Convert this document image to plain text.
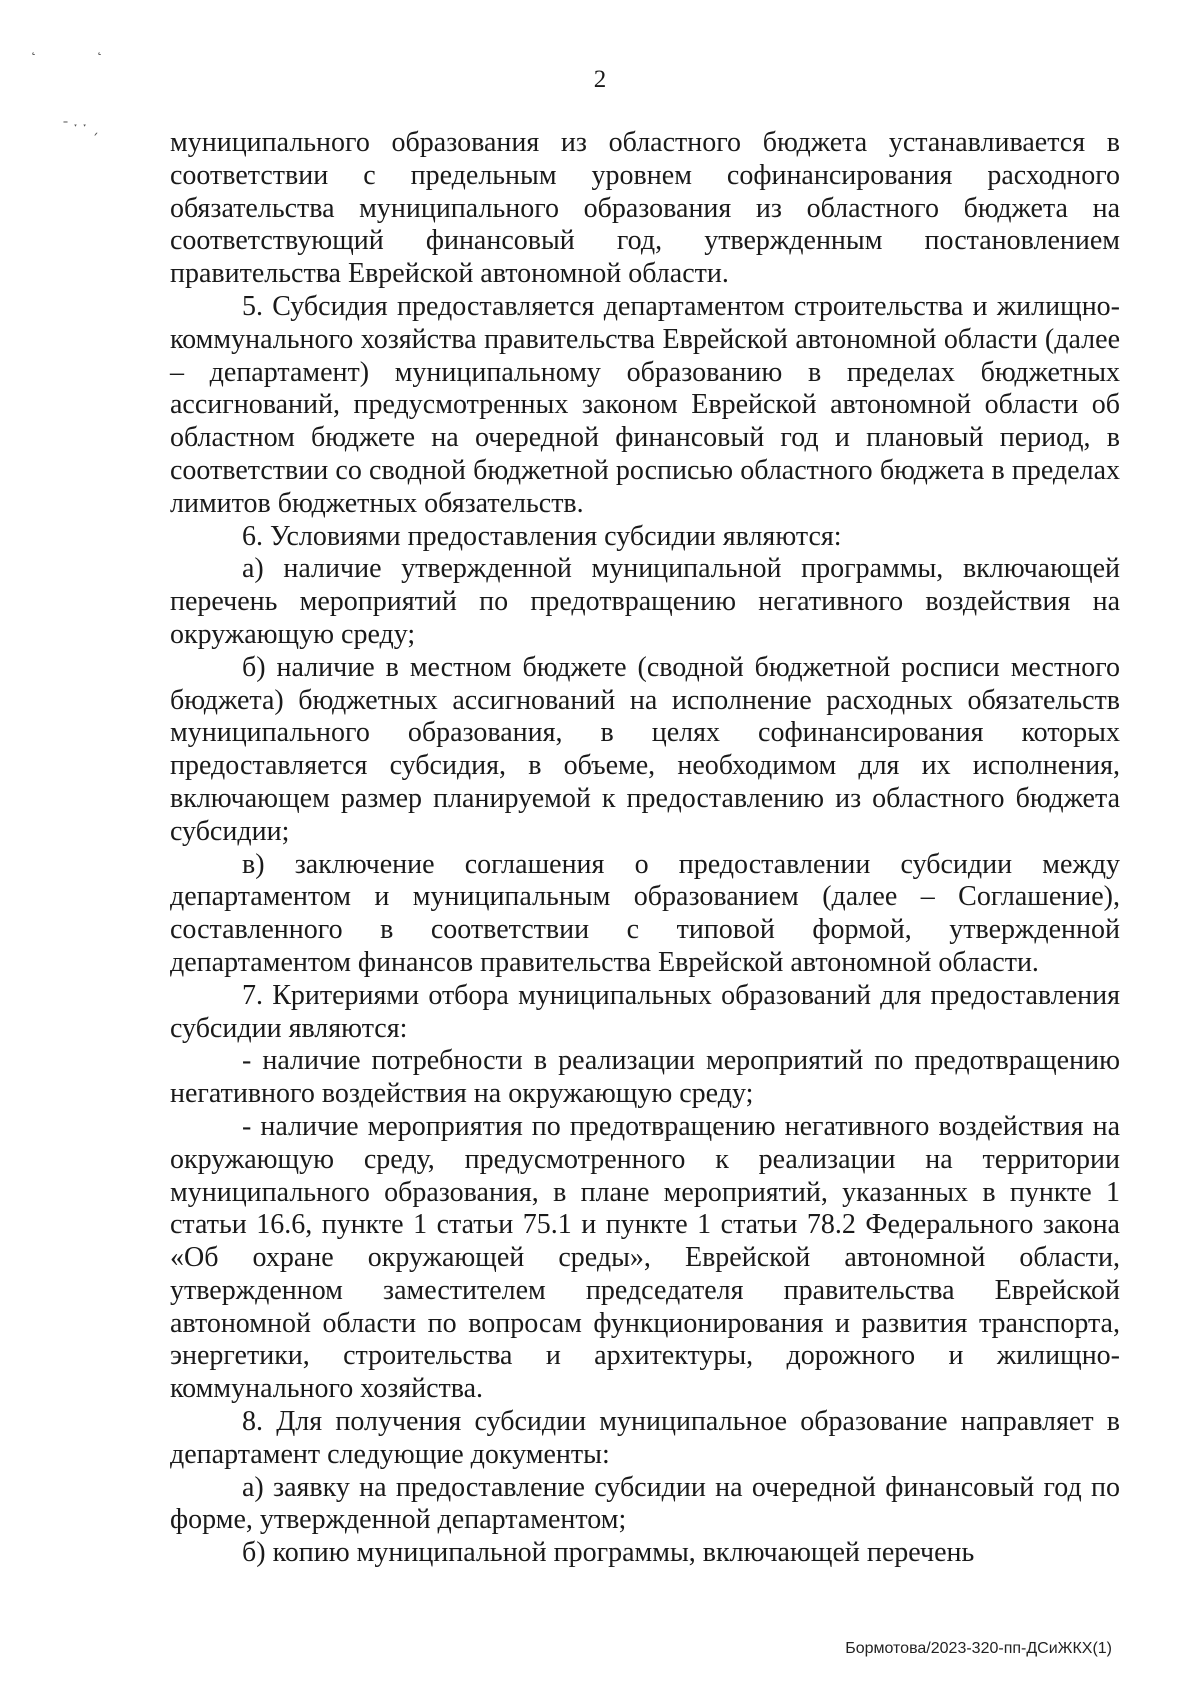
2

муниципального образования из областного бюджета устанавливается в соответствии с предельным уровнем софинансирования расходного обязательства муниципального образования из областного бюджета на соответствующий финансовый год, утвержденным постановлением правительства Еврейской автономной области.

5. Субсидия предоставляется департаментом строительства и жилищно-коммунального хозяйства правительства Еврейской автономной области (далее – департамент) муниципальному образованию в пределах бюджетных ассигнований, предусмотренных законом Еврейской автономной области об областном бюджете на очередной финансовый год и плановый период, в соответствии со сводной бюджетной росписью областного бюджета в пределах лимитов бюджетных обязательств.

6. Условиями предоставления субсидии являются:

а) наличие утвержденной муниципальной программы, включающей перечень мероприятий по предотвращению негативного воздействия на окружающую среду;

б) наличие в местном бюджете (сводной бюджетной росписи местного бюджета) бюджетных ассигнований на исполнение расходных обязательств муниципального образования, в целях софинансирования которых предоставляется субсидия, в объеме, необходимом для их исполнения, включающем размер планируемой к предоставлению из областного бюджета субсидии;

в) заключение соглашения о предоставлении субсидии между департаментом и муниципальным образованием (далее – Соглашение), составленного в соответствии с типовой формой, утвержденной департаментом финансов правительства Еврейской автономной области.

7. Критериями отбора муниципальных образований для предоставления субсидии являются:

- наличие потребности в реализации мероприятий по предотвращению негативного воздействия на окружающую среду;

- наличие мероприятия по предотвращению негативного воздействия на окружающую среду, предусмотренного к реализации на территории муниципального образования, в плане мероприятий, указанных в пункте 1 статьи 16.6, пункте 1 статьи 75.1 и пункте 1 статьи 78.2 Федерального закона «Об охране окружающей среды», Еврейской автономной области, утвержденном заместителем председателя правительства Еврейской автономной области по вопросам функционирования и развития транспорта, энергетики, строительства и архитектуры, дорожного и жилищно-коммунального хозяйства.

8. Для получения субсидии муниципальное образование направляет в департамент следующие документы:

а) заявку на предоставление субсидии на очередной финансовый год по форме, утвержденной департаментом;

б) копию муниципальной программы, включающей перечень

Бормотова/2023-320-пп-ДСиЖКХ(1)
˛	˛
ˉ ˑ ˑ ˏ
